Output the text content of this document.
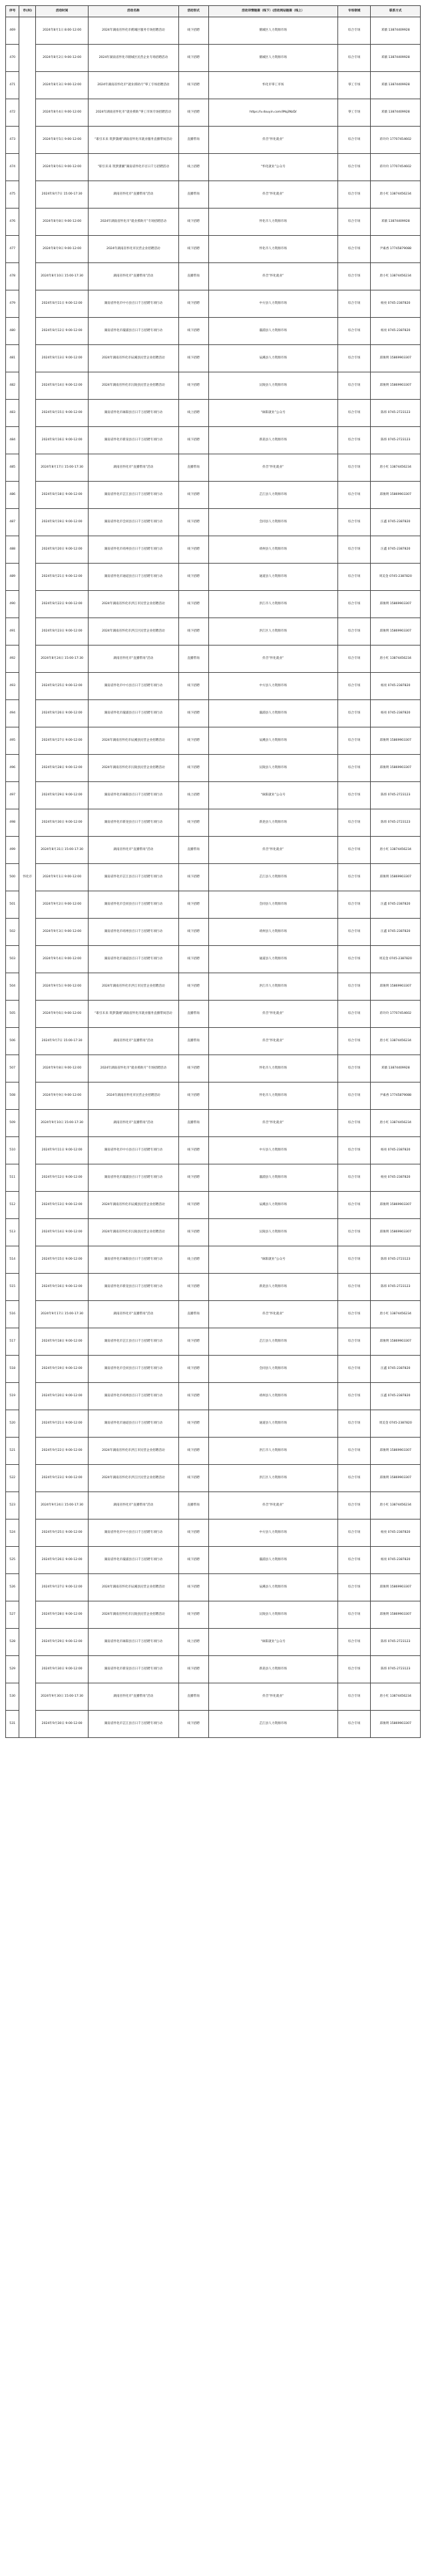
序号	市(州)	活动时间	活动名称	活动形式	活动详情链接（线下）(活动网站链接（线上）	专场领域	联系方式
469	怀化市	2024年8月1日 8:00-12:00	2024年湖南省怀化市鹤城区服务专场招聘活动	线下招聘	鹤城区人力资源市场	综合专场	邓薇 13874409928
470		2024年8月2日 9:00-12:00	2024年湖南省怀化市鹤城区民营企业专场招聘活动	线下招聘	鹤城区人力资源市场	综合专场	邓薇 13874409928
471		2024年8月3日 9:00-12:00	2024年湖南省怀化市“就业援助月”零工专场招聘活动	线下招聘	怀化市零工市场	零工专场	邓薇 13874409928
472		2024年8月4日 9:00-12:00	2024年湖南省怀化市“就业援助”零工市场专场招聘活动	线下招聘	https://v.douyin.com/iMq3NzD/	零工专场	邓薇 13874409928
473		2024年8月5日 9:00-12:00	“职引未来 筑梦潇湘”湖南省怀化市就业服务直播带岗活动	直播带岗	抖音“怀化就业”	综合专场	蒋玲玲 17707454602
474		2024年8月6日 9:00-12:00	“职引未来 筑梦潇湘”湖南省怀化市百日千万招聘活动	线上招聘	“怀化就业”公众号	综合专场	蒋玲玲 17707454602
475		2024年8月7日 15:00-17:30	湖南省怀化市“直播带岗”活动	直播带岗	抖音“怀化就业”	综合专场	唐小红 13874456234
476		2024年8月8日 9:00-12:00	2024年湖南省怀化市“就业援助月”专场招聘活动	线下招聘	怀化市人力资源市场	综合专场	邓薇 13874409928
477		2024年8月9日 9:00-12:00	2024年湖南省怀化市民营企业招聘活动	线下招聘	怀化市人力资源市场	综合专场	尹素香 17745879088
478		2024年8月10日 15:00-17:30	湖南省怀化市“直播带岗”活动	直播带岗	抖音“怀化就业”	综合专场	唐小红 13874456234
479		2024年8月11日 9:00-12:00	湖南省怀化市中方县百日千万招聘专项行动	线下招聘	中方县人力资源市场	综合专场	杨亮 0745-2387820
480		2024年8月12日 9:00-12:00	湖南省怀化市溆浦县百日千万招聘专项行动	线下招聘	溆浦县人力资源市场	综合专场	杨亮 0745-2387820
481		2024年8月13日 9:00-12:00	2024年湖南省怀化市辰溪县民营企业招聘活动	线下招聘	辰溪县人力资源市场	综合专场	邱俊明 15869903307
482		2024年8月14日 9:00-12:00	2024年湖南省怀化市沅陵县民营企业招聘活动	线下招聘	沅陵县人力资源市场	综合专场	邱俊明 15869903307
483		2024年8月15日 9:00-12:00	湖南省怀化市麻阳县百日千万招聘专项行动	线上招聘	“麻阳就业”公众号	综合专场	陈炜 0745-2723123
484		2024年8月16日 9:00-12:00	湖南省怀化市新晃县百日千万招聘专项行动	线下招聘	新晃县人力资源市场	综合专场	陈炜 0745-2723123
485		2024年8月17日 15:00-17:30	湖南省怀化市“直播带岗”活动	直播带岗	抖音“怀化就业”	综合专场	唐小红 13874456234
486		2024年8月18日 9:00-12:00	湖南省怀化市芷江县百日千万招聘专项行动	线下招聘	芷江县人力资源市场	综合专场	邱俊明 15869903307
487		2024年8月19日 9:00-12:00	湖南省怀化市会同县百日千万招聘专项行动	线下招聘	会同县人力资源市场	综合专场	汪鑫 0745-2387820
488		2024年8月20日 9:00-12:00	湖南省怀化市靖州县百日千万招聘专项行动	线下招聘	靖州县人力资源市场	综合专场	汪鑫 0745-2387820
489		2024年8月21日 9:00-12:00	湖南省怀化市通道县百日千万招聘专项行动	线下招聘	通道县人力资源市场	综合专场	周美金 0745-2387820
490		2024年8月22日 9:00-12:00	2024年湖南省怀化市洪江市民营企业招聘活动	线下招聘	洪江市人力资源市场	综合专场	邱俊明 15869903307
491		2024年8月23日 9:00-12:00	2024年湖南省怀化市洪江区民营企业招聘活动	线下招聘	洪江区人力资源市场	综合专场	邱俊明 15869903307
492		2024年8月24日 15:00-17:30	湖南省怀化市“直播带岗”活动	直播带岗	抖音“怀化就业”	综合专场	唐小红 13874456234
493		2024年8月25日 9:00-12:00	湖南省怀化市中方县百日千万招聘专项行动	线下招聘	中方县人力资源市场	综合专场	杨亮 0745-2387820
494		2024年8月26日 9:00-12:00	湖南省怀化市溆浦县百日千万招聘专项行动	线下招聘	溆浦县人力资源市场	综合专场	杨亮 0745-2387820
495		2024年8月27日 9:00-12:00	2024年湖南省怀化市辰溪县民营企业招聘活动	线下招聘	辰溪县人力资源市场	综合专场	邱俊明 15869903307
496		2024年8月28日 9:00-12:00	2024年湖南省怀化市沅陵县民营企业招聘活动	线下招聘	沅陵县人力资源市场	综合专场	邱俊明 15869903307
497		2024年8月29日 9:00-12:00	湖南省怀化市麻阳县百日千万招聘专项行动	线上招聘	“麻阳就业”公众号	综合专场	陈炜 0745-2723123
498		2024年8月30日 9:00-12:00	湖南省怀化市新晃县百日千万招聘专项行动	线下招聘	新晃县人力资源市场	综合专场	陈炜 0745-2723123
499		2024年8月31日 15:00-17:30	湖南省怀化市“直播带岗”活动	直播带岗	抖音“怀化就业”	综合专场	唐小红 13874456234
500		2024年9月1日 9:00-12:00	湖南省怀化市芷江县百日千万招聘专项行动	线下招聘	芷江县人力资源市场	综合专场	邱俊明 15869903307
501		2024年9月2日 9:00-12:00	湖南省怀化市会同县百日千万招聘专项行动	线下招聘	会同县人力资源市场	综合专场	汪鑫 0745-2387820
502		2024年9月3日 9:00-12:00	湖南省怀化市靖州县百日千万招聘专项行动	线下招聘	靖州县人力资源市场	综合专场	汪鑫 0745-2387820
503		2024年9月4日 9:00-12:00	湖南省怀化市通道县百日千万招聘专项行动	线下招聘	通道县人力资源市场	综合专场	周美金 0745-2387820
504		2024年9月5日 9:00-12:00	2024年湖南省怀化市洪江市民营企业招聘活动	线下招聘	洪江市人力资源市场	综合专场	邱俊明 15869903307
505		2024年9月6日 9:00-12:00	“职引未来 筑梦潇湘”湖南省怀化市就业服务直播带岗活动	直播带岗	抖音“怀化就业”	综合专场	蒋玲玲 17707454602
506		2024年9月7日 15:00-17:30	湖南省怀化市“直播带岗”活动	直播带岗	抖音“怀化就业”	综合专场	唐小红 13874456234
507		2024年9月8日 9:00-12:00	2024年湖南省怀化市“就业援助月”专场招聘活动	线下招聘	怀化市人力资源市场	综合专场	邓薇 13874409928
508		2024年9月9日 9:00-12:00	2024年湖南省怀化市民营企业招聘活动	线下招聘	怀化市人力资源市场	综合专场	尹素香 17745879088
509		2024年9月10日 15:00-17:30	湖南省怀化市“直播带岗”活动	直播带岗	抖音“怀化就业”	综合专场	唐小红 13874456234
510		2024年9月11日 9:00-12:00	湖南省怀化市中方县百日千万招聘专项行动	线下招聘	中方县人力资源市场	综合专场	杨亮 0745-2387820
511		2024年9月12日 9:00-12:00	湖南省怀化市溆浦县百日千万招聘专项行动	线下招聘	溆浦县人力资源市场	综合专场	杨亮 0745-2387820
512		2024年9月13日 9:00-12:00	2024年湖南省怀化市辰溪县民营企业招聘活动	线下招聘	辰溪县人力资源市场	综合专场	邱俊明 15869903307
513		2024年9月14日 9:00-12:00	2024年湖南省怀化市沅陵县民营企业招聘活动	线下招聘	沅陵县人力资源市场	综合专场	邱俊明 15869903307
514		2024年9月15日 9:00-12:00	湖南省怀化市麻阳县百日千万招聘专项行动	线上招聘	“麻阳就业”公众号	综合专场	陈炜 0745-2723123
515		2024年9月16日 9:00-12:00	湖南省怀化市新晃县百日千万招聘专项行动	线下招聘	新晃县人力资源市场	综合专场	陈炜 0745-2723123
516		2024年9月17日 15:00-17:30	湖南省怀化市“直播带岗”活动	直播带岗	抖音“怀化就业”	综合专场	唐小红 13874456234
517		2024年9月18日 9:00-12:00	湖南省怀化市芷江县百日千万招聘专项行动	线下招聘	芷江县人力资源市场	综合专场	邱俊明 15869903307
518		2024年9月19日 9:00-12:00	湖南省怀化市会同县百日千万招聘专项行动	线下招聘	会同县人力资源市场	综合专场	汪鑫 0745-2387820
519		2024年9月20日 9:00-12:00	湖南省怀化市靖州县百日千万招聘专项行动	线下招聘	靖州县人力资源市场	综合专场	汪鑫 0745-2387820
520		2024年9月21日 9:00-12:00	湖南省怀化市通道县百日千万招聘专项行动	线下招聘	通道县人力资源市场	综合专场	周美金 0745-2387820
521		2024年9月22日 9:00-12:00	2024年湖南省怀化市洪江市民营企业招聘活动	线下招聘	洪江市人力资源市场	综合专场	邱俊明 15869903307
522		2024年9月23日 9:00-12:00	2024年湖南省怀化市洪江区民营企业招聘活动	线下招聘	洪江区人力资源市场	综合专场	邱俊明 15869903307
523		2024年9月24日 15:00-17:30	湖南省怀化市“直播带岗”活动	直播带岗	抖音“怀化就业”	综合专场	唐小红 13874456234
524		2024年9月25日 9:00-12:00	湖南省怀化市中方县百日千万招聘专项行动	线下招聘	中方县人力资源市场	综合专场	杨亮 0745-2387820
525		2024年9月26日 9:00-12:00	湖南省怀化市溆浦县百日千万招聘专项行动	线下招聘	溆浦县人力资源市场	综合专场	杨亮 0745-2387820
526		2024年9月27日 9:00-12:00	2024年湖南省怀化市辰溪县民营企业招聘活动	线下招聘	辰溪县人力资源市场	综合专场	邱俊明 15869903307
527		2024年9月28日 9:00-12:00	2024年湖南省怀化市沅陵县民营企业招聘活动	线下招聘	沅陵县人力资源市场	综合专场	邱俊明 15869903307
528		2024年9月29日 9:00-12:00	湖南省怀化市麻阳县百日千万招聘专项行动	线上招聘	“麻阳就业”公众号	综合专场	陈炜 0745-2723123
529		2024年9月30日 9:00-12:00	湖南省怀化市新晃县百日千万招聘专项行动	线下招聘	新晃县人力资源市场	综合专场	陈炜 0745-2723123
530		2024年9月30日 15:00-17:30	湖南省怀化市“直播带岗”活动	直播带岗	抖音“怀化就业”	综合专场	唐小红 13874456234
531		2024年9月30日 9:00-12:00	湖南省怀化市芷江县百日千万招聘专项行动	线下招聘	芷江县人力资源市场	综合专场	邱俊明 15869903307
